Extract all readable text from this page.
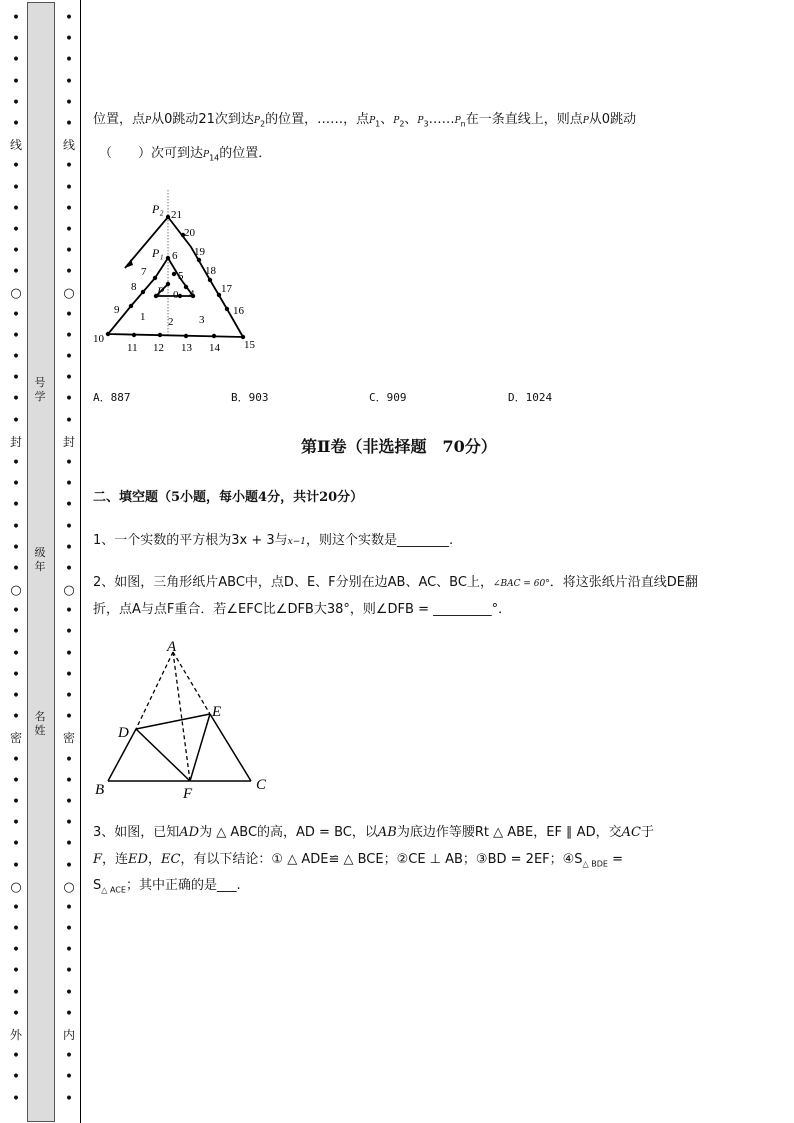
•
•
•
•
•
•
线
•
•
•
•
•
•
○
•
•
•
•
•
•
封
•
•
•
•
•
•
○
•
•
•
•
•
•
密
•
•
•
•
•
•
○
•
•
•
•
•
•
外
•
•
•
号
学
级
年
名
姓
•
•
•
•
•
•
线
•
•
•
•
•
•
○
•
•
•
•
•
•
封
•
•
•
•
•
•
○
•
•
•
•
•
•
密
•
•
•
•
•
•
○
•
•
•
•
•
•
内
•
•
•
位置，点P从0跳动21次到达$P_2$的位置，……，点$P_1$、$P_2$、$P_3\dots\dots P_n$在一条直线上，则点P从0跳动
（　　）次可到达$P_{14}$的位置．
P₂
P₁
P 0
1 2 3
4
5
6
7
8
9
10
11 12 13 14 15
16
17
18
19
20
21
A．887	B．903	C．909	D．1024
第Ⅱ卷（非选择题　70分）
二、填空题（5小题，每小题4分，共计20分）
1、一个实数的平方根为3x + 3与x−1，则这个实数是________.
2、如图，三角形纸片ABC中，点D、E、F分别在边AB、AC、BC上，∠BAC = 60°．将这张纸片沿直线DE翻
折，点A与点F重合．若∠EFC比∠DFB大38°，则∠DFB = _________°．
A
B	C
D
E
F
3、如图，已知AD为 △ ABC的高，AD = BC，以AB为底边作等腰Rt △ ABE，EF ∥ AD，交AC于
F，连ED，EC，有以下结论：① △ ADE≌ △ BCE；②CE ⊥ AB；③BD = 2EF；$④S_{\triangle BDE}$ =
$S_{\triangle ACE}$；其中正确的是___.
